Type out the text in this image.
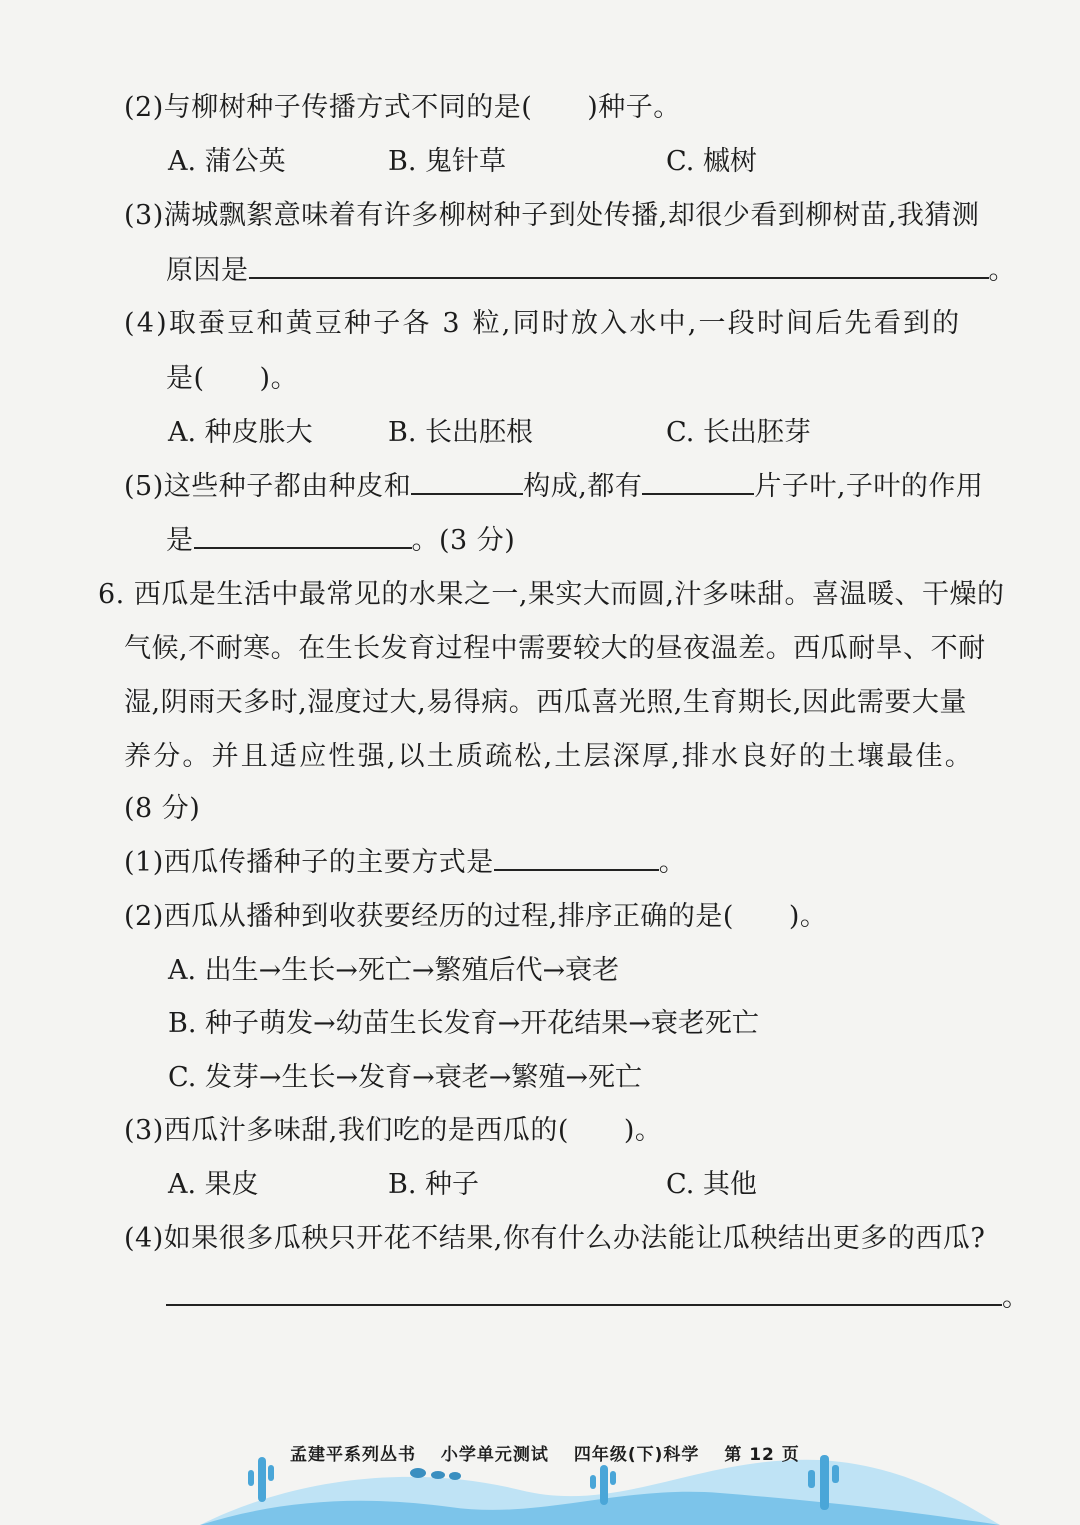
(2)与柳树种子传播方式不同的是(　　)种子。
A. 蒲公英	B. 鬼针草	C. 槭树
(3)满城飘絮意味着有许多柳树种子到处传播,却很少看到柳树苗,我猜测
原因是	。
(4)取蚕豆和黄豆种子各 3 粒,同时放入水中,一段时间后先看到的
是(　　)。
A. 种皮胀大	B. 长出胚根	C. 长出胚芽
(5)这些种子都由种皮和	构成,都有	片子叶,子叶的作用
是	。(3 分)
6. 西瓜是生活中最常见的水果之一,果实大而圆,汁多味甜。喜温暖、干燥的
气候,不耐寒。在生长发育过程中需要较大的昼夜温差。西瓜耐旱、不耐
湿,阴雨天多时,湿度过大,易得病。西瓜喜光照,生育期长,因此需要大量
养分。并且适应性强,以土质疏松,土层深厚,排水良好的土壤最佳。
(8 分)
(1)西瓜传播种子的主要方式是	。
(2)西瓜从播种到收获要经历的过程,排序正确的是(　　)。
A. 出生→生长→死亡→繁殖后代→衰老
B. 种子萌发→幼苗生长发育→开花结果→衰老死亡
C. 发芽→生长→发育→衰老→繁殖→死亡
(3)西瓜汁多味甜,我们吃的是西瓜的(　　)。
A. 果皮	B. 种子	C. 其他
(4)如果很多瓜秧只开花不结果,你有什么办法能让瓜秧结出更多的西瓜?
。
孟建平系列丛书 小学单元测试 四年级(下)科学 第 12 页
